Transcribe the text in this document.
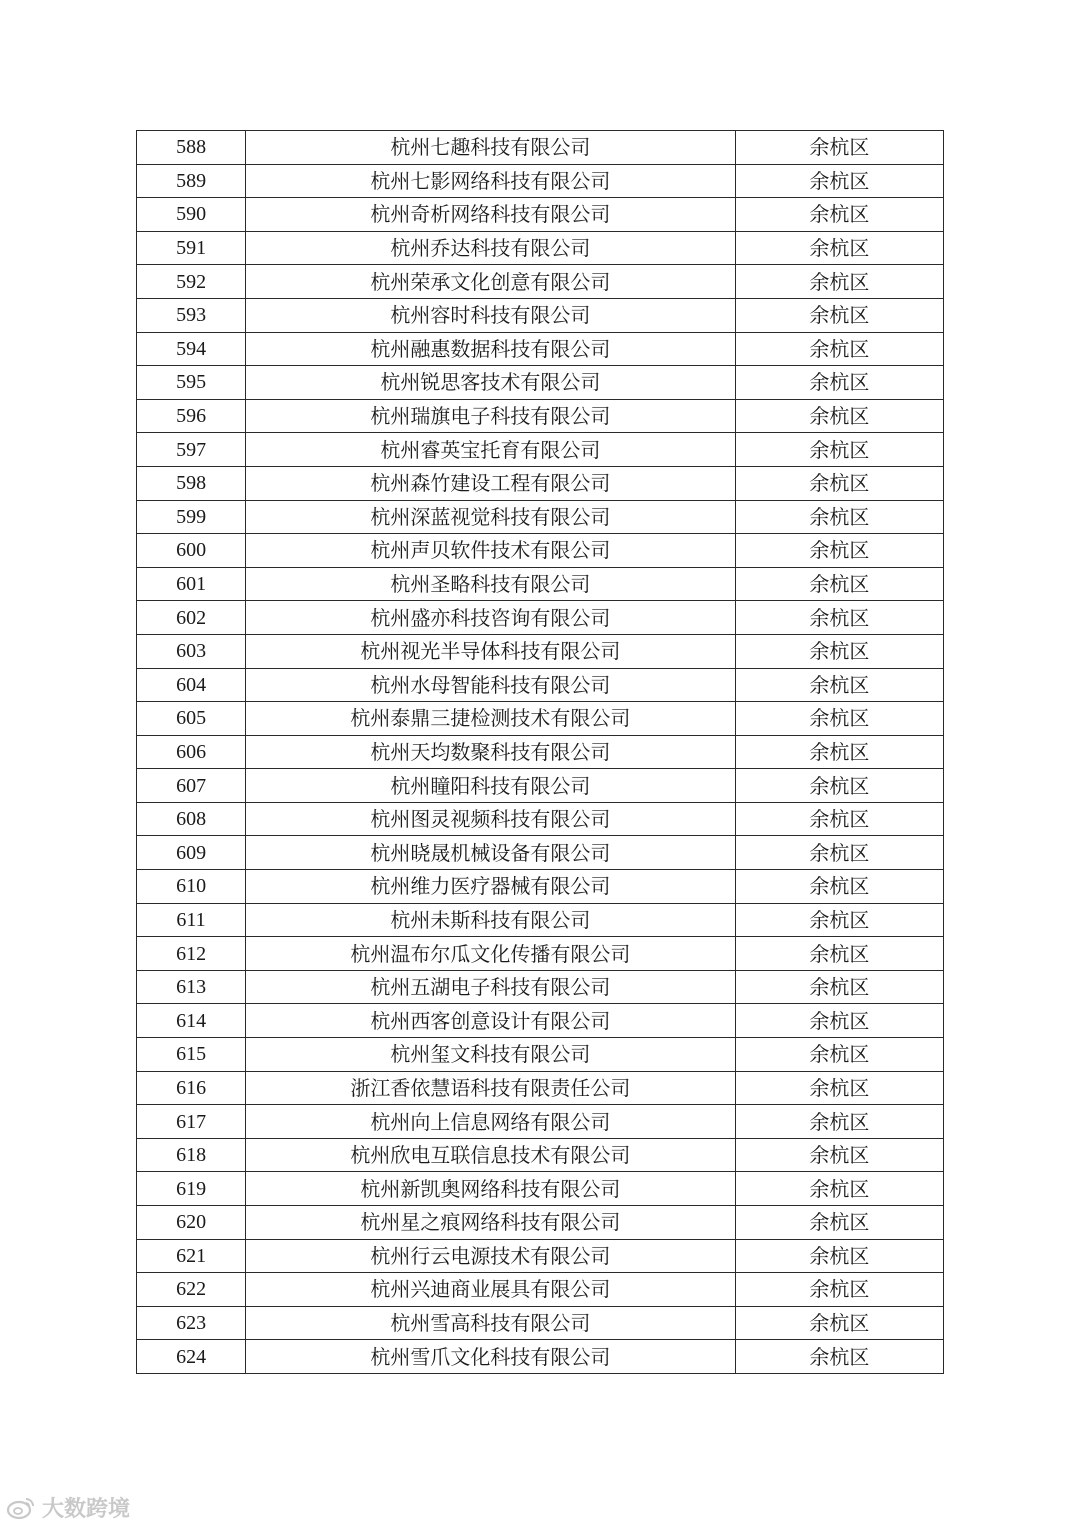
588	杭州七趣科技有限公司	余杭区
589	杭州七影网络科技有限公司	余杭区
590	杭州奇析网络科技有限公司	余杭区
591	杭州乔达科技有限公司	余杭区
592	杭州荣承文化创意有限公司	余杭区
593	杭州容时科技有限公司	余杭区
594	杭州融惠数据科技有限公司	余杭区
595	杭州锐思客技术有限公司	余杭区
596	杭州瑞旗电子科技有限公司	余杭区
597	杭州睿英宝托育有限公司	余杭区
598	杭州森竹建设工程有限公司	余杭区
599	杭州深蓝视觉科技有限公司	余杭区
600	杭州声贝软件技术有限公司	余杭区
601	杭州圣略科技有限公司	余杭区
602	杭州盛亦科技咨询有限公司	余杭区
603	杭州视光半导体科技有限公司	余杭区
604	杭州水母智能科技有限公司	余杭区
605	杭州泰鼎三捷检测技术有限公司	余杭区
606	杭州天均数聚科技有限公司	余杭区
607	杭州瞳阳科技有限公司	余杭区
608	杭州图灵视频科技有限公司	余杭区
609	杭州晓晟机械设备有限公司	余杭区
610	杭州维力医疗器械有限公司	余杭区
611	杭州未斯科技有限公司	余杭区
612	杭州温布尔瓜文化传播有限公司	余杭区
613	杭州五湖电子科技有限公司	余杭区
614	杭州西客创意设计有限公司	余杭区
615	杭州玺文科技有限公司	余杭区
616	浙江香依慧语科技有限责任公司	余杭区
617	杭州向上信息网络有限公司	余杭区
618	杭州欣电互联信息技术有限公司	余杭区
619	杭州新凯奥网络科技有限公司	余杭区
620	杭州星之痕网络科技有限公司	余杭区
621	杭州行云电源技术有限公司	余杭区
622	杭州兴迪商业展具有限公司	余杭区
623	杭州雪高科技有限公司	余杭区
624	杭州雪爪文化科技有限公司	余杭区
大数跨境
